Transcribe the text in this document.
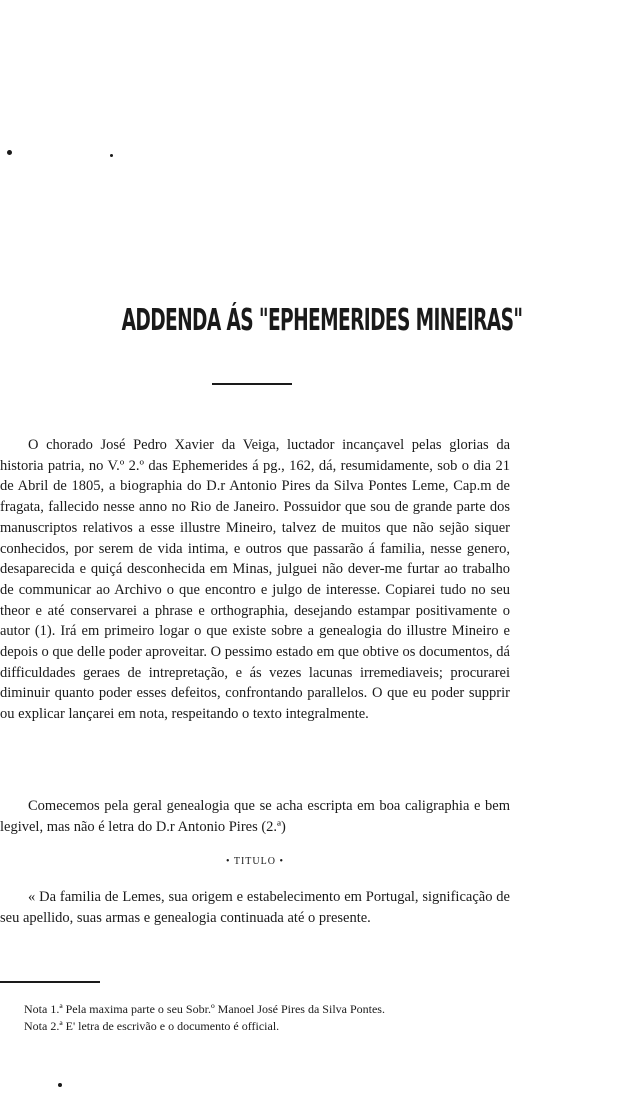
ADDENDA ÁS "EPHEMERIDES MINEIRAS"

O chorado José Pedro Xavier da Veiga, luctador incançavel pelas glorias da historia patria, no V.º 2.º das Ephemerides á pg., 162, dá, resumidamente, sob o dia 21 de Abril de 1805, a biographia do D.r Antonio Pires da Silva Pontes Leme, Cap.m de fragata, fallecido nesse anno no Rio de Janeiro. Possuidor que sou de grande parte dos manuscriptos relativos a esse illustre Mineiro, talvez de muitos que não sejão siquer conhecidos, por serem de vida intima, e outros que passarão á familia, nesse genero, desaparecida e quiçá desconhecida em Minas, julguei não dever-me furtar ao trabalho de communicar ao Archivo o que encontro e julgo de interesse. Copiarei tudo no seu theor e até conservarei a phrase e orthographia, desejando estampar positivamente o autor (1). Irá em primeiro logar o que existe sobre a genealogia do illustre Mineiro e depois o que delle poder aproveitar. O pessimo estado em que obtive os documentos, dá difficuldades geraes de intrepretação, e ás vezes lacunas irremediaveis; procurarei diminuir quanto poder esses defeitos, confrontando parallelos. O que eu poder supprir ou explicar lançarei em nota, respeitando o texto integralmente.

Comecemos pela geral genealogia que se acha escripta em boa caligraphia e bem legivel, mas não é letra do D.r Antonio Pires (2.ª)

• TITULO •

« Da familia de Lemes, sua origem e estabelecimento em Portugal, significação de seu apellido, suas armas e genealogia continuada até o presente.

Nota 1.ª Pela maxima parte o seu Sobr.º Manoel José Pires da Silva Pontes.

Nota 2.ª E' letra de escrivão e o documento é official.
